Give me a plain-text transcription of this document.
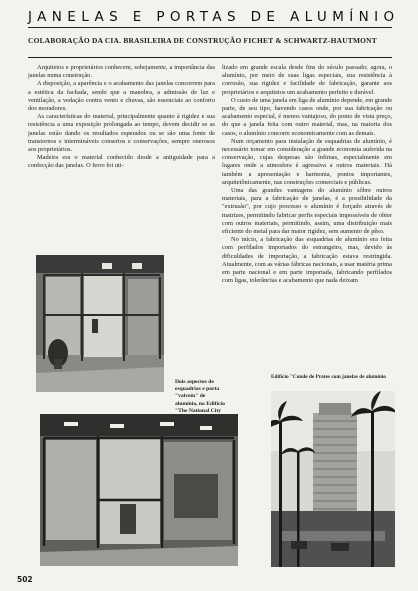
JANELAS E PORTAS DE ALUMÍNIO
COLABORAÇÃO DA CIA. BRASILEIRA DE CONSTRUÇÃO FICHET & SCHWARTZ-HAUTMONT

Arquitetos e proprietários conhecem, sobejamente, a importância das janelas numa construção.

A disposição, a aparência e o acabamento das janelas concorrem para a estética da fachada, sendo que a manobra, a admissão de luz e ventilação, a vedação contra vento e chuvas, são essenciais ao conforto dos moradores.

As características do material, principalmente quanto à rigidez e sua resistência a uma exposição prolongada ao tempo, devem decidir se as janelas estão dando os resultados esperados ou se são uma fonte de transtornos e intermináveis consertos e conservações, sempre onerosos aos proprietários.

Madeira era o material conhecido desde a antiguidade para a confecção das janelas. O ferro foi uti-

lizado em grande escala desde fins do século passado; agora, o alumínio, por meio de suas ligas especiais, sua resistência à corrosão, sua rigidez e facilidade de fabricação, garante aos proprietários e arquitetos um acabamento perfeito e durável.

O custo de uma janela em liga de alumínio depende, em grande parte, de seu tipo, havendo casos onde, por sua fabricação ou acabamento especial, é menos vantajoso, do ponto de vista preço, do que a janela feita com outro material, mas, na maioria dos casos, o alumínio concorre economicamente com as demais.

Num orçamento para instalação de esquadrias de alumínio, é necessário tomar em consideração a grande economia auferida na conservação, cujas despesas são ínfimas, especialmente em lugares onde a atmosfera é agressiva a outros materiais. Há também a apresentação e harmonia, pontos importantes, arquitetônicamente, nas construções comerciais e públicas.

Uma das grandes vantagens do alumínio sôbre outros materiais, para a fabricação de janelas, é a possibilidade da "extrusão", por cujo processo o alumínio é forçado através de matrizes, permitindo fabricar perfis especiais impossíveis de obter com outros materiais, permitindo, assim, uma distribuição mais eficiente do metal para dar maior rigidez, sem aumento de pêso.

No início, a fabricação das esquadrias de alumínio era feita com perfilados importados do estrangeiro, mas, devido às dificuldades de importação, a fabricação estava restringida. Atualmente, com as várias fábricas nacionais, a usar matéria prima em parte nacional e em parte importada, fabricando perfilados com ligas, tolerâncias e acabamento que nada deixam

Dois aspectos de esquadrias e porta "vaivem" de alumínio, no Edifício "The National City
Edifício "Conde de Prates com janelas de alumínio
502
